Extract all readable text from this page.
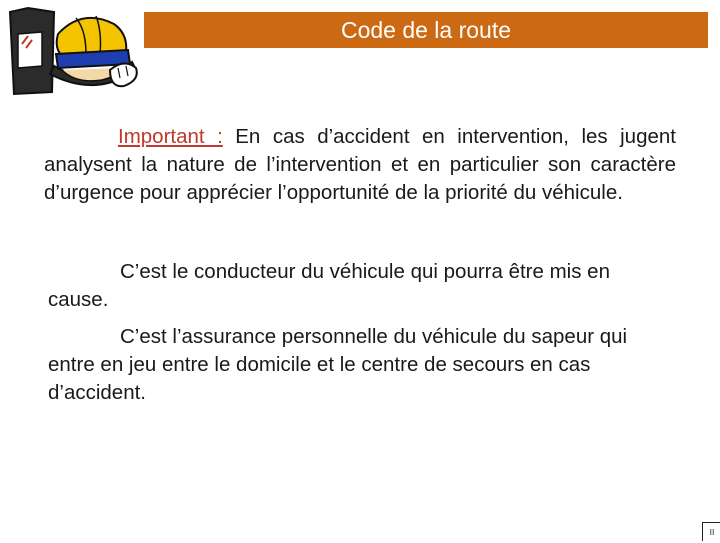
Code de la route

Important : En cas d’accident en intervention, les jugent analysent la nature de l’intervention et en particulier son caractère d’urgence pour apprécier l’opportunité de la priorité du véhicule.

C’est le conducteur du véhicule qui pourra être mis en cause.

C’est l’assurance personnelle du véhicule du sapeur qui entre en jeu entre le domicile et le centre de secours en cas d’accident.

II
